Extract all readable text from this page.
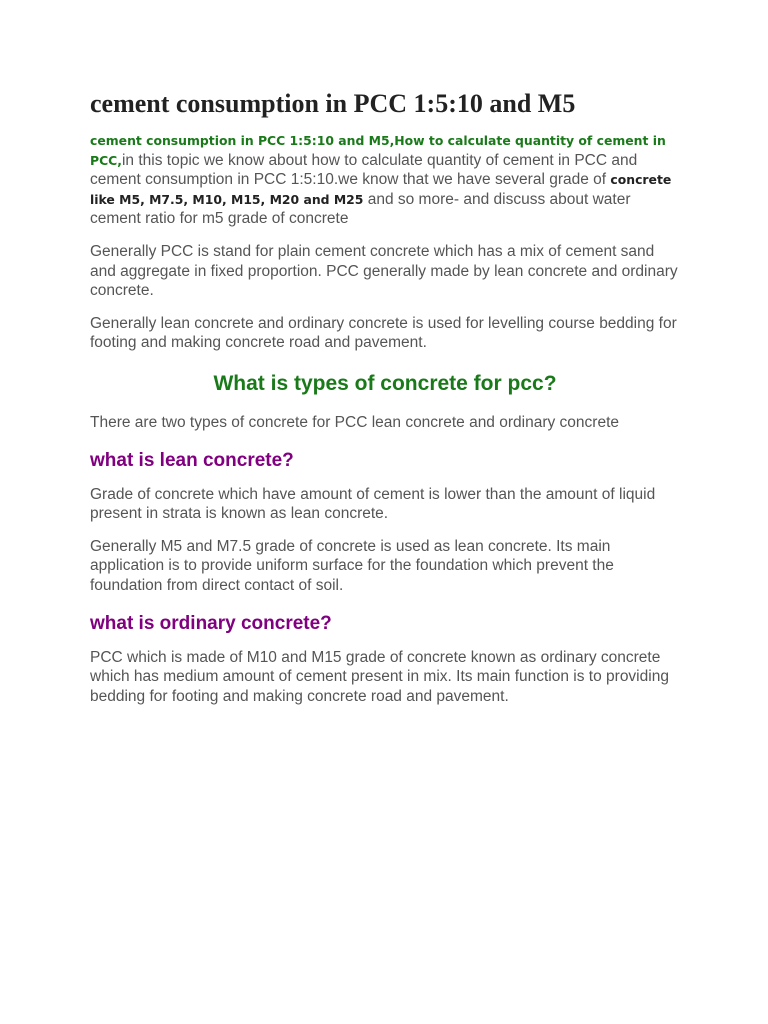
cement consumption in PCC 1:5:10 and M5

cement consumption in PCC 1:5:10 and M5,How to calculate quantity of cement in PCC,in this topic we know about how to calculate quantity of cement in PCC and cement consumption in PCC 1:5:10.we know that we have several grade of concrete like M5, M7.5, M10, M15, M20 and M25 and so more- and discuss about water cement ratio for m5 grade of concrete

Generally PCC is stand for plain cement concrete which has a mix of cement sand and aggregate in fixed proportion. PCC generally made by lean concrete and ordinary concrete.

Generally lean concrete and ordinary concrete is used for levelling course bedding for footing and making concrete road and pavement.

What is types of concrete for pcc?

There are two types of concrete for PCC lean concrete and ordinary concrete

what is lean concrete?

Grade of concrete which have amount of cement is lower than the amount of liquid present in strata is known as lean concrete.

Generally M5 and M7.5 grade of concrete is used as lean concrete. Its main application is to provide uniform surface for the foundation which prevent the foundation from direct contact of soil.

what is ordinary concrete?

PCC which is made of M10 and M15 grade of concrete known as ordinary concrete which has medium amount of cement present in mix. Its main function is to providing bedding for footing and making concrete road and pavement.
